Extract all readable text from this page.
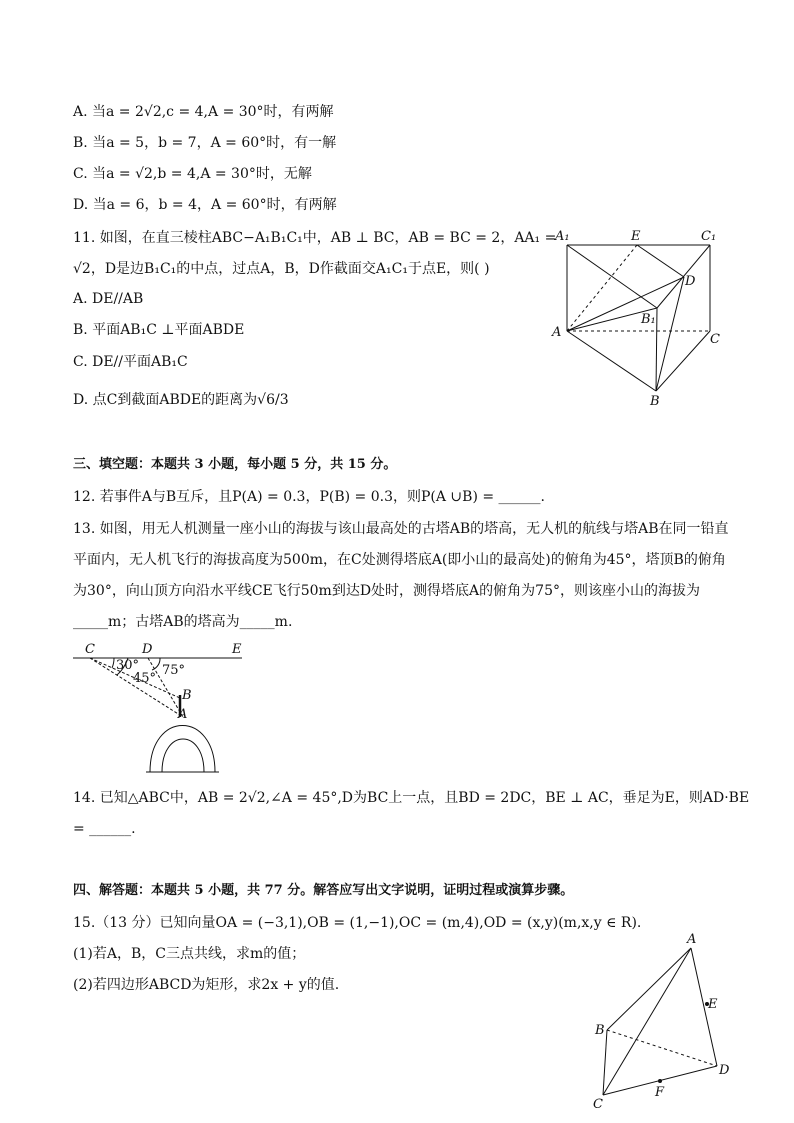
A. 当a = 2√2,c = 4,A = 30°时，有两解
B. 当a = 5，b = 7，A = 60°时，有一解
C. 当a = √2,b = 4,A = 30°时，无解
D. 当a = 6，b = 4，A = 60°时，有两解
11. 如图，在直三棱柱ABC−A₁B₁C₁中，AB ⊥ BC，AB = BC = 2，AA₁ =
√2，D是边B₁C₁的中点，过点A，B，D作截面交A₁C₁于点E，则( )
A. DE//AB
B. 平面AB₁C ⊥平面ABDE
C. DE//平面AB₁C
D. 点C到截面ABDE的距离为√6/3
A₁	E	C₁
D
B₁
A	C
B
三、填空题：本题共 3 小题，每小题 5 分，共 15 分。
12. 若事件A与B互斥，且P(A) = 0.3，P(B) = 0.3，则P(A ∪B) = ______.
13. 如图，用无人机测量一座小山的海拔与该山最高处的古塔AB的塔高，无人机的航线与塔AB在同一铅直
平面内，无人机飞行的海拔高度为500m，在C处测得塔底A(即小山的最高处)的俯角为45°，塔顶B的俯角
为30°，向山顶方向沿水平线CE飞行50m到达D处时，测得塔底A的俯角为75°，则该座小山的海拔为
_____m；古塔AB的塔高为_____m.
C	D	E
30°
45°
75°
B
A
14. 已知△ABC中，AB = 2√2,∠A = 45°,D为BC上一点，且BD = 2DC，BE ⊥ AC，垂足为E，则AD·BE
= ______.
四、解答题：本题共 5 小题，共 77 分。解答应写出文字说明，证明过程或演算步骤。
15.（13 分）已知向量OA = (−3,1),OB = (1,−1),OC = (m,4),OD = (x,y)(m,x,y ∈ R).
(1)若A，B，C三点共线，求m的值；
(2)若四边形ABCD为矩形，求2x + y的值.
A
E
B
D
F
C
